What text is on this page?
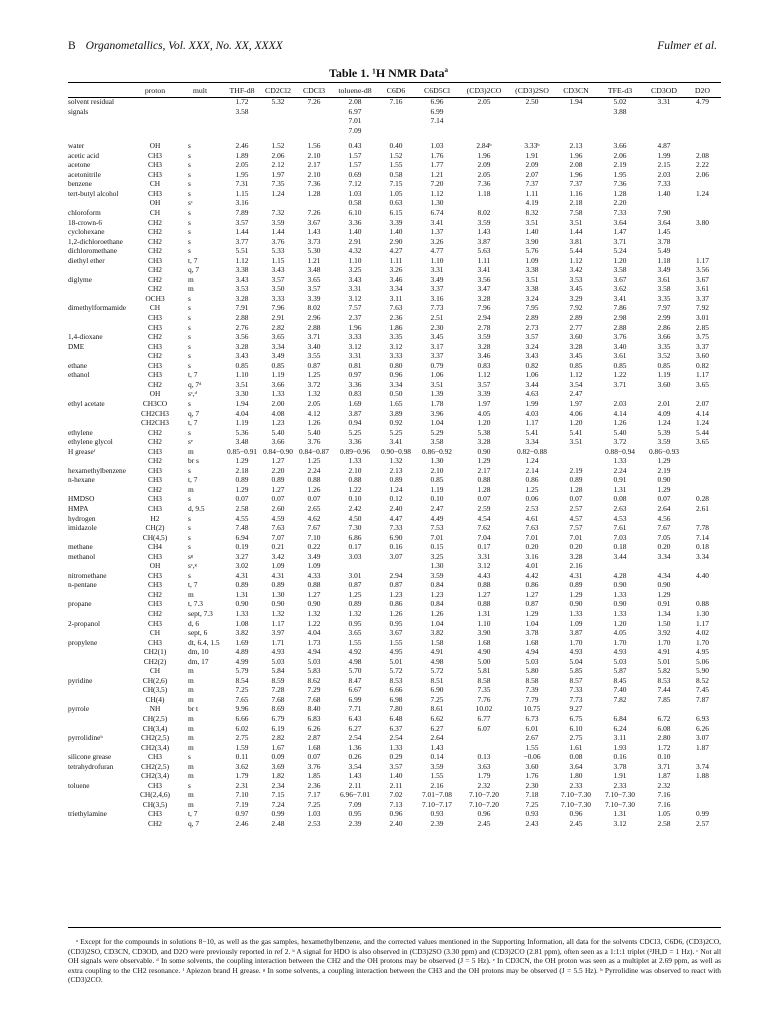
B Organometallics, Vol. XXX, No. XX, XXXX	Fulmer et al.
Table 1. ¹H NMR Data$^a$
	proton	mult	THF-d8	CD2Cl2	CDCl3	toluene-d8	C6D6	C6D5Cl	(CD3)2CO	(CD3)2SO	CD3CN	TFE-d3	CD3OD	D2O
solvent residual			1.72	5.32	7.26	2.08	7.16	6.96	2.05	2.50	1.94	5.02	3.31	4.79
signals			3.58			6.97		6.99				3.88		
						7.01		7.14						
						7.09								

water	OH	s	2.46	1.52	1.56	0.43	0.40	1.03	2.84ᵇ	3.33ᵇ	2.13	3.66	4.87	
acetic acid	CH3	s	1.89	2.06	2.10	1.57	1.52	1.76	1.96	1.91	1.96	2.06	1.99	2.08
acetone	CH3	s	2.05	2.12	2.17	1.57	1.55	1.77	2.09	2.09	2.08	2.19	2.15	2.22
acetonitrile	CH3	s	1.95	1.97	2.10	0.69	0.58	1.21	2.05	2.07	1.96	1.95	2.03	2.06
benzene	CH	s	7.31	7.35	7.36	7.12	7.15	7.20	7.36	7.37	7.37	7.36	7.33	
tert-butyl alcohol	CH3	s	1.15	1.24	1.28	1.03	1.05	1.12	1.18	1.11	1.16	1.28	1.40	1.24
	OH	sᶜ	3.16			0.58	0.63	1.30		4.19	2.18	2.20		
chloroform	CH	s	7.89	7.32	7.26	6.10	6.15	6.74	8.02	8.32	7.58	7.33	7.90	
18-crown-6	CH2	s	3.57	3.59	3.67	3.36	3.39	3.41	3.59	3.51	3.51	3.64	3.64	3.80
cyclohexane	CH2	s	1.44	1.44	1.43	1.40	1.40	1.37	1.43	1.40	1.44	1.47	1.45	
1,2-dichloroethane	CH2	s	3.77	3.76	3.73	2.91	2.90	3.26	3.87	3.90	3.81	3.71	3.78	
dichloromethane	CH2	s	5.51	5.33	5.30	4.32	4.27	4.77	5.63	5.76	5.44	5.24	5.49	
diethyl ether	CH3	t, 7	1.12	1.15	1.21	1.10	1.11	1.10	1.11	1.09	1.12	1.20	1.18	1.17
	CH2	q, 7	3.38	3.43	3.48	3.25	3.26	3.31	3.41	3.38	3.42	3.58	3.49	3.56
diglyme	CH2	m	3.43	3.57	3.65	3.43	3.46	3.49	3.56	3.51	3.53	3.67	3.61	3.67
	CH2	m	3.53	3.50	3.57	3.31	3.34	3.37	3.47	3.38	3.45	3.62	3.58	3.61
	OCH3	s	3.28	3.33	3.39	3.12	3.11	3.16	3.28	3.24	3.29	3.41	3.35	3.37
dimethylformamide	CH	s	7.91	7.96	8.02	7.57	7.63	7.73	7.96	7.95	7.92	7.86	7.97	7.92
	CH3	s	2.88	2.91	2.96	2.37	2.36	2.51	2.94	2.89	2.89	2.98	2.99	3.01
	CH3	s	2.76	2.82	2.88	1.96	1.86	2.30	2.78	2.73	2.77	2.88	2.86	2.85
1,4-dioxane	CH2	s	3.56	3.65	3.71	3.33	3.35	3.45	3.59	3.57	3.60	3.76	3.66	3.75
DME	CH3	s	3.28	3.34	3.40	3.12	3.12	3.17	3.28	3.24	3.28	3.40	3.35	3.37
	CH2	s	3.43	3.49	3.55	3.31	3.33	3.37	3.46	3.43	3.45	3.61	3.52	3.60
ethane	CH3	s	0.85	0.85	0.87	0.81	0.80	0.79	0.83	0.82	0.85	0.85	0.85	0.82
ethanol	CH3	t, 7	1.10	1.19	1.25	0.97	0.96	1.06	1.12	1.06	1.12	1.22	1.19	1.17
	CH2	q, 7ᵈ	3.51	3.66	3.72	3.36	3.34	3.51	3.57	3.44	3.54	3.71	3.60	3.65
	OH	sᶜ,ᵈ	3.30	1.33	1.32	0.83	0.50	1.39	3.39	4.63	2.47			
ethyl acetate	CH3CO	s	1.94	2.00	2.05	1.69	1.65	1.78	1.97	1.99	1.97	2.03	2.01	2.07
	CH2CH3	q, 7	4.04	4.08	4.12	3.87	3.89	3.96	4.05	4.03	4.06	4.14	4.09	4.14
	CH2CH3	t, 7	1.19	1.23	1.26	0.94	0.92	1.04	1.20	1.17	1.20	1.26	1.24	1.24
ethylene	CH2	s	5.36	5.40	5.40	5.25	5.25	5.29	5.38	5.41	5.41	5.40	5.39	5.44
ethylene glycol	CH2	sᵉ	3.48	3.66	3.76	3.36	3.41	3.58	3.28	3.34	3.51	3.72	3.59	3.65
H greaseᶠ	CH3	m	0.85−0.91	0.84−0.90	0.84−0.87	0.89−0.96	0.90−0.98	0.86−0.92	0.90	0.82−0.88		0.88−0.94	0.86−0.93	
	CH2	br s	1.29	1.27	1.25	1.33	1.32	1.30	1.29	1.24		1.33	1.29	
hexamethylbenzene	CH3	s	2.18	2.20	2.24	2.10	2.13	2.10	2.17	2.14	2.19	2.24	2.19	
n-hexane	CH3	t, 7	0.89	0.89	0.88	0.88	0.89	0.85	0.88	0.86	0.89	0.91	0.90	
	CH2	m	1.29	1.27	1.26	1.22	1.24	1.19	1.28	1.25	1.28	1.31	1.29	
HMDSO	CH3	s	0.07	0.07	0.07	0.10	0.12	0.10	0.07	0.06	0.07	0.08	0.07	0.28
HMPA	CH3	d, 9.5	2.58	2.60	2.65	2.42	2.40	2.47	2.59	2.53	2.57	2.63	2.64	2.61
hydrogen	H2	s	4.55	4.59	4.62	4.50	4.47	4.49	4.54	4.61	4.57	4.53	4.56	
imidazole	CH(2)	s	7.48	7.63	7.67	7.30	7.33	7.53	7.62	7.63	7.57	7.61	7.67	7.78
	CH(4,5)	s	6.94	7.07	7.10	6.86	6.90	7.01	7.04	7.01	7.01	7.03	7.05	7.14
methane	CH4	s	0.19	0.21	0.22	0.17	0.16	0.15	0.17	0.20	0.20	0.18	0.20	0.18
methanol	CH3	sᵍ	3.27	3.42	3.49	3.03	3.07	3.25	3.31	3.16	3.28	3.44	3.34	3.34
	OH	sᶜ,ᵍ	3.02	1.09	1.09			1.30	3.12	4.01	2.16			
nitromethane	CH3	s	4.31	4.31	4.33	3.01	2.94	3.59	4.43	4.42	4.31	4.28	4.34	4.40
n-pentane	CH3	t, 7	0.89	0.89	0.88	0.87	0.87	0.84	0.88	0.86	0.89	0.90	0.90	
	CH2	m	1.31	1.30	1.27	1.25	1.23	1.23	1.27	1.27	1.29	1.33	1.29	
propane	CH3	t, 7.3	0.90	0.90	0.90	0.89	0.86	0.84	0.88	0.87	0.90	0.90	0.91	0.88
	CH2	sept, 7.3	1.33	1.32	1.32	1.32	1.26	1.26	1.31	1.29	1.33	1.33	1.34	1.30
2-propanol	CH3	d, 6	1.08	1.17	1.22	0.95	0.95	1.04	1.10	1.04	1.09	1.20	1.50	1.17
	CH	sept, 6	3.82	3.97	4.04	3.65	3.67	3.82	3.90	3.78	3.87	4.05	3.92	4.02
propylene	CH3	dt, 6.4, 1.5	1.69	1.71	1.73	1.55	1.55	1.58	1.68	1.68	1.70	1.70	1.70	1.70
	CH2(1)	dm, 10	4.89	4.93	4.94	4.92	4.95	4.91	4.90	4.94	4.93	4.93	4.91	4.95
	CH2(2)	dm, 17	4.99	5.03	5.03	4.98	5.01	4.98	5.00	5.03	5.04	5.03	5.01	5.06
	CH	m	5.79	5.84	5.83	5.70	5.72	5.72	5.81	5.80	5.85	5.87	5.82	5.90
pyridine	CH(2,6)	m	8.54	8.59	8.62	8.47	8.53	8.51	8.58	8.58	8.57	8.45	8.53	8.52
	CH(3,5)	m	7.25	7.28	7.29	6.67	6.66	6.90	7.35	7.39	7.33	7.40	7.44	7.45
	CH(4)	m	7.65	7.68	7.68	6.99	6.98	7.25	7.76	7.79	7.73	7.82	7.85	7.87
pyrrole	NH	br t	9.96	8.69	8.40	7.71	7.80	8.61	10.02	10.75	9.27			
	CH(2,5)	m	6.66	6.79	6.83	6.43	6.48	6.62	6.77	6.73	6.75	6.84	6.72	6.93
	CH(3,4)	m	6.02	6.19	6.26	6.27	6.37	6.27	6.07	6.01	6.10	6.24	6.08	6.26
pyrrolidineʰ	CH2(2,5)	m	2.75	2.82	2.87	2.54	2.54	2.64		2.67	2.75	3.11	2.80	3.07
	CH2(3,4)	m	1.59	1.67	1.68	1.36	1.33	1.43		1.55	1.61	1.93	1.72	1.87
silicone grease	CH3	s	0.11	0.09	0.07	0.26	0.29	0.14	0.13	−0.06	0.08	0.16	0.10	
tetrahydrofuran	CH2(2,5)	m	3.62	3.69	3.76	3.54	3.57	3.59	3.63	3.60	3.64	3.78	3.71	3.74
	CH2(3,4)	m	1.79	1.82	1.85	1.43	1.40	1.55	1.79	1.76	1.80	1.91	1.87	1.88
toluene	CH3	s	2.31	2.34	2.36	2.11	2.11	2.16	2.32	2.30	2.33	2.33	2.32	
	CH(2,4,6)	m	7.10	7.15	7.17	6.96−7.01	7.02	7.01−7.08	7.10−7.20	7.18	7.10−7.30	7.10−7.30	7.16	
	CH(3,5)	m	7.19	7.24	7.25	7.09	7.13	7.10−7.17	7.10−7.20	7.25	7.10−7.30	7.10−7.30	7.16	
triethylamine	CH3	t, 7	0.97	0.99	1.03	0.95	0.96	0.93	0.96	0.93	0.96	1.31	1.05	0.99
	CH2	q, 7	2.46	2.48	2.53	2.39	2.40	2.39	2.45	2.43	2.45	3.12	2.58	2.57

ᵃ Except for the compounds in solutions 8−10, as well as the gas samples, hexamethylbenzene, and the corrected values mentioned in the Supporting Information, all data for the solvents CDCl3, C6D6, (CD3)2CO, (CD3)2SO, CD3CN, CD3OD, and D2O were previously reported in ref 2. ᵇ A signal for HDO is also observed in (CD3)2SO (3.30 ppm) and (CD3)2CO (2.81 ppm), often seen as a 1:1:1 triplet (²JH,D = 1 Hz). ᶜ Not all OH signals were observable. ᵈ In some solvents, the coupling interaction between the CH2 and the OH protons may be observed (J = 5 Hz). ᵉ In CD3CN, the OH proton was seen as a multiplet at 2.69 ppm, as well as extra coupling to the CH2 resonance. ᶠ Apiezon brand H grease. ᵍ In some solvents, a coupling interaction between the CH3 and the OH protons may be observed (J = 5.5 Hz). ʰ Pyrrolidine was observed to react with (CD3)2CO.
